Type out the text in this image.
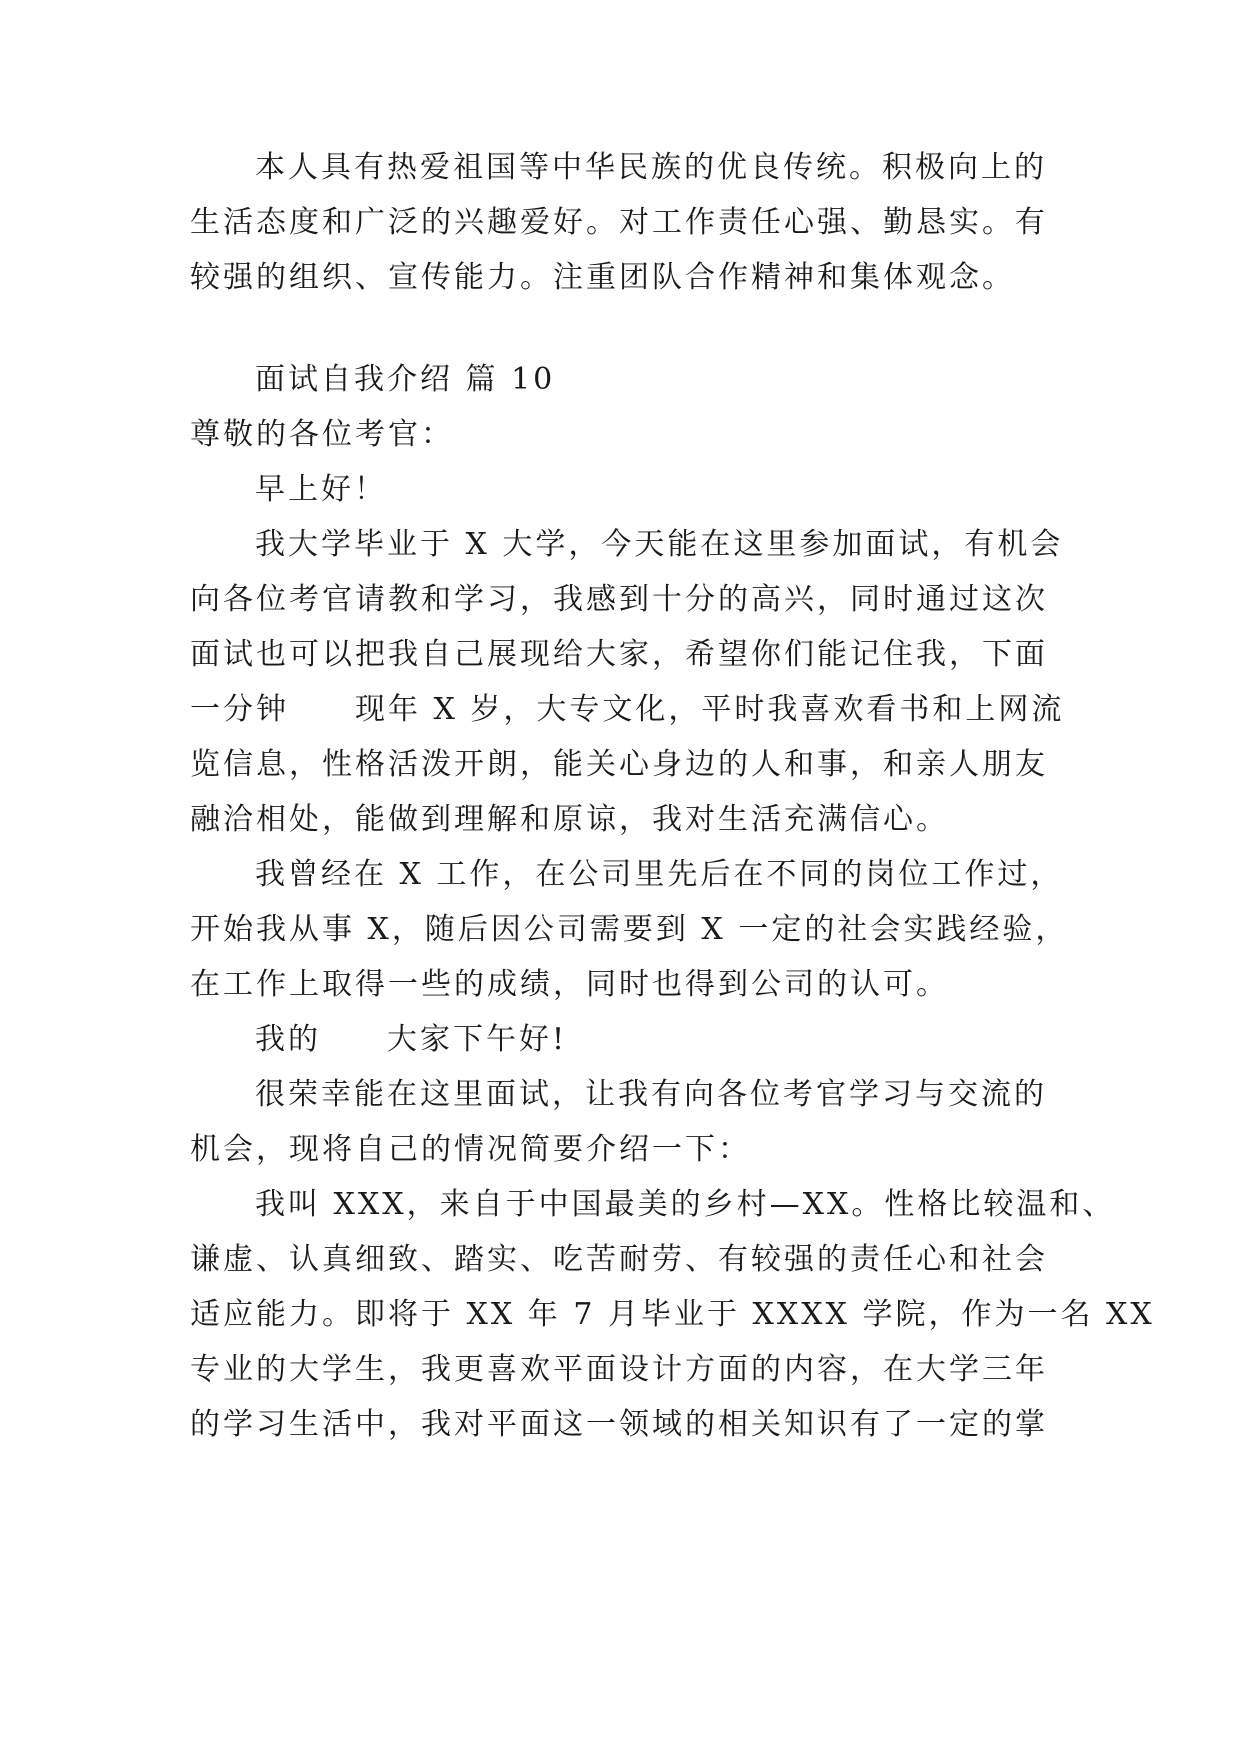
本人具有热爱祖国等中华民族的优良传统。积极向上的
生活态度和广泛的兴趣爱好。对工作责任心强、勤恳实。有
较强的组织、宣传能力。注重团队合作精神和集体观念。
面试自我介绍 篇 10
尊敬的各位考官：
早上好！
我大学毕业于 X 大学，今天能在这里参加面试，有机会
向各位考官请教和学习，我感到十分的高兴，同时通过这次
面试也可以把我自己展现给大家，希望你们能记住我，下面
一分钟　　现年 X 岁，大专文化，平时我喜欢看书和上网流
览信息，性格活泼开朗，能关心身边的人和事，和亲人朋友
融洽相处，能做到理解和原谅，我对生活充满信心。
我曾经在 X 工作，在公司里先后在不同的岗位工作过，
开始我从事 X，随后因公司需要到 X 一定的社会实践经验，
在工作上取得一些的成绩，同时也得到公司的认可。
我的　　大家下午好!
很荣幸能在这里面试，让我有向各位考官学习与交流的
机会，现将自己的情况简要介绍一下：
我叫 XXX，来自于中国最美的乡村—XX。性格比较温和、
谦虚、认真细致、踏实、吃苦耐劳、有较强的责任心和社会
适应能力。即将于 XX 年 7 月毕业于 XXXX 学院，作为一名 XX
专业的大学生，我更喜欢平面设计方面的内容，在大学三年
的学习生活中，我对平面这一领域的相关知识有了一定的掌
